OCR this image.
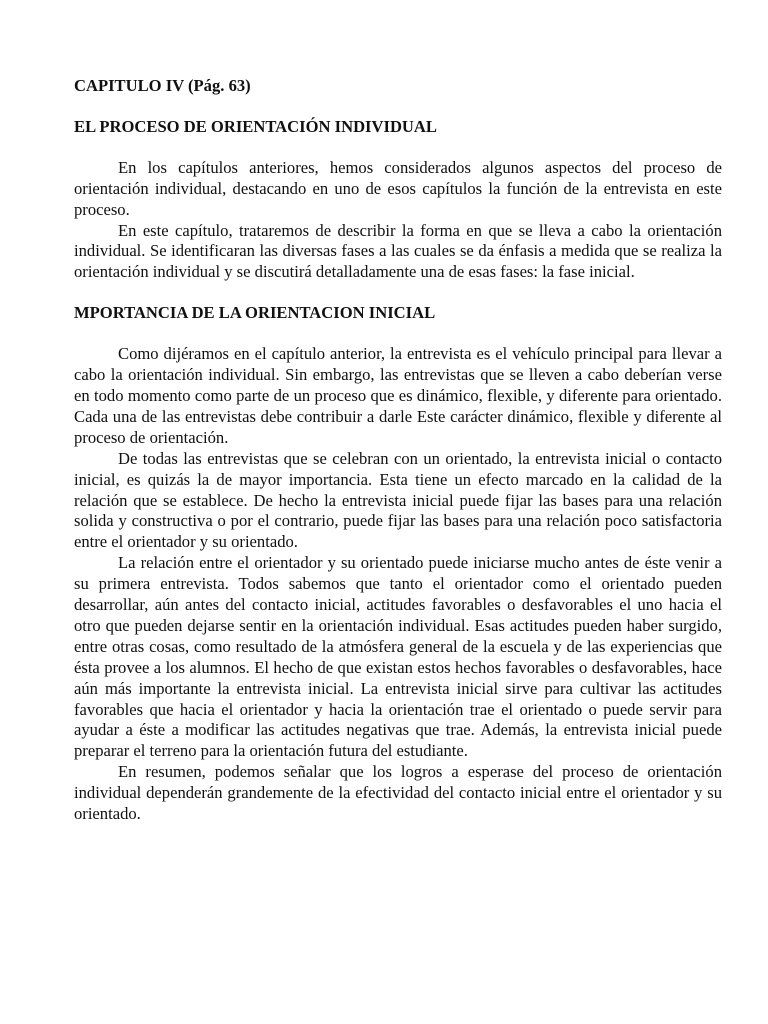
CAPITULO IV (Pág. 63)

EL PROCESO DE ORIENTACIÓN INDIVIDUAL

En los capítulos anteriores, hemos considerados algunos aspectos del proceso de orientación individual, destacando en uno de esos capítulos la función de la entrevista en este proceso.

En este capítulo, trataremos de describir la forma en que se lleva a cabo la orientación individual. Se identificaran las diversas fases a las cuales se da énfasis a medida que se realiza la orientación individual y se discutirá detalladamente una de esas fases: la fase inicial.

MPORTANCIA DE LA ORIENTACION INICIAL

Como dijéramos en el capítulo anterior, la entrevista es el vehículo principal para llevar a cabo la orientación individual. Sin embargo, las entrevistas que se lleven a cabo deberían verse en todo momento como parte de un proceso que es dinámico, flexible, y diferente para orientado. Cada una de las entrevistas debe contribuir a darle Este carácter dinámico, flexible y diferente al proceso de orientación.

De todas las entrevistas que se celebran con un orientado, la entrevista inicial o contacto inicial, es quizás la de mayor importancia. Esta tiene un efecto marcado en la calidad de la relación que se establece. De hecho la entrevista inicial puede fijar las bases para una relación solida y constructiva o por el contrario, puede fijar las bases para una relación poco satisfactoria entre el orientador y su orientado.

La relación entre el orientador y su orientado puede iniciarse mucho antes de éste venir a su primera entrevista. Todos sabemos que tanto el orientador como el orientado pueden desarrollar, aún antes del contacto inicial, actitudes favorables o desfavorables el uno hacia el otro que pueden dejarse sentir en la orientación individual. Esas actitudes pueden haber surgido, entre otras cosas, como resultado de la atmósfera general de la escuela y de las experiencias que ésta provee a los alumnos. El hecho de que existan estos hechos favorables o desfavorables, hace aún más importante la entrevista inicial. La entrevista inicial sirve para cultivar las actitudes favorables que hacia el orientador y hacia la orientación trae el orientado o puede servir para ayudar a éste a modificar las actitudes negativas que trae. Además, la entrevista inicial puede preparar el terreno para la orientación futura del estudiante.

En resumen, podemos señalar que los logros a esperase del proceso de orientación individual dependerán grandemente de la efectividad del contacto inicial entre el orientador y su orientado.
